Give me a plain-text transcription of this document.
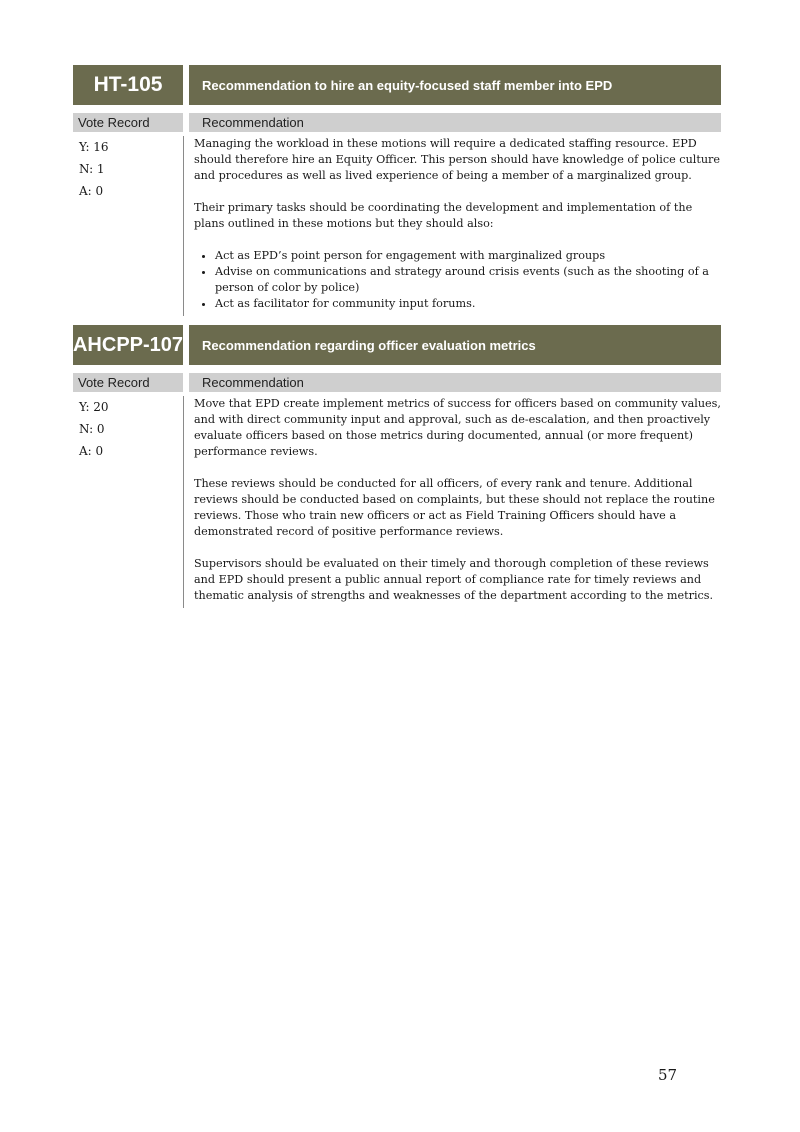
HT-105	Recommendation to hire an equity-focused staff member into EPD
Vote Record	Recommendation
Y: 16
N: 1
A: 0

Managing the workload in these motions will require a dedicated staffing resource. EPD should therefore hire an Equity Officer. This person should have knowledge of police culture and procedures as well as lived experience of being a member of a marginalized group.

Their primary tasks should be coordinating the development and implementation of the plans outlined in these motions but they should also:

• Act as EPD’s point person for engagement with marginalized groups
• Advise on communications and strategy around crisis events (such as the shooting of a person of color by police)
• Act as facilitator for community input forums.
AHCPP-107	Recommendation regarding officer evaluation metrics
Vote Record	Recommendation
Y: 20
N: 0
A: 0

Move that EPD create implement metrics of success for officers based on community values, and with direct community input and approval, such as de-escalation, and then proactively evaluate officers based on those metrics during documented, annual (or more frequent) performance reviews.

These reviews should be conducted for all officers, of every rank and tenure. Additional reviews should be conducted based on complaints, but these should not replace the routine reviews. Those who train new officers or act as Field Training Officers should have a demonstrated record of positive performance reviews.

Supervisors should be evaluated on their timely and thorough completion of these reviews and EPD should present a public annual report of compliance rate for timely reviews and thematic analysis of strengths and weaknesses of the department according to the metrics.

57
